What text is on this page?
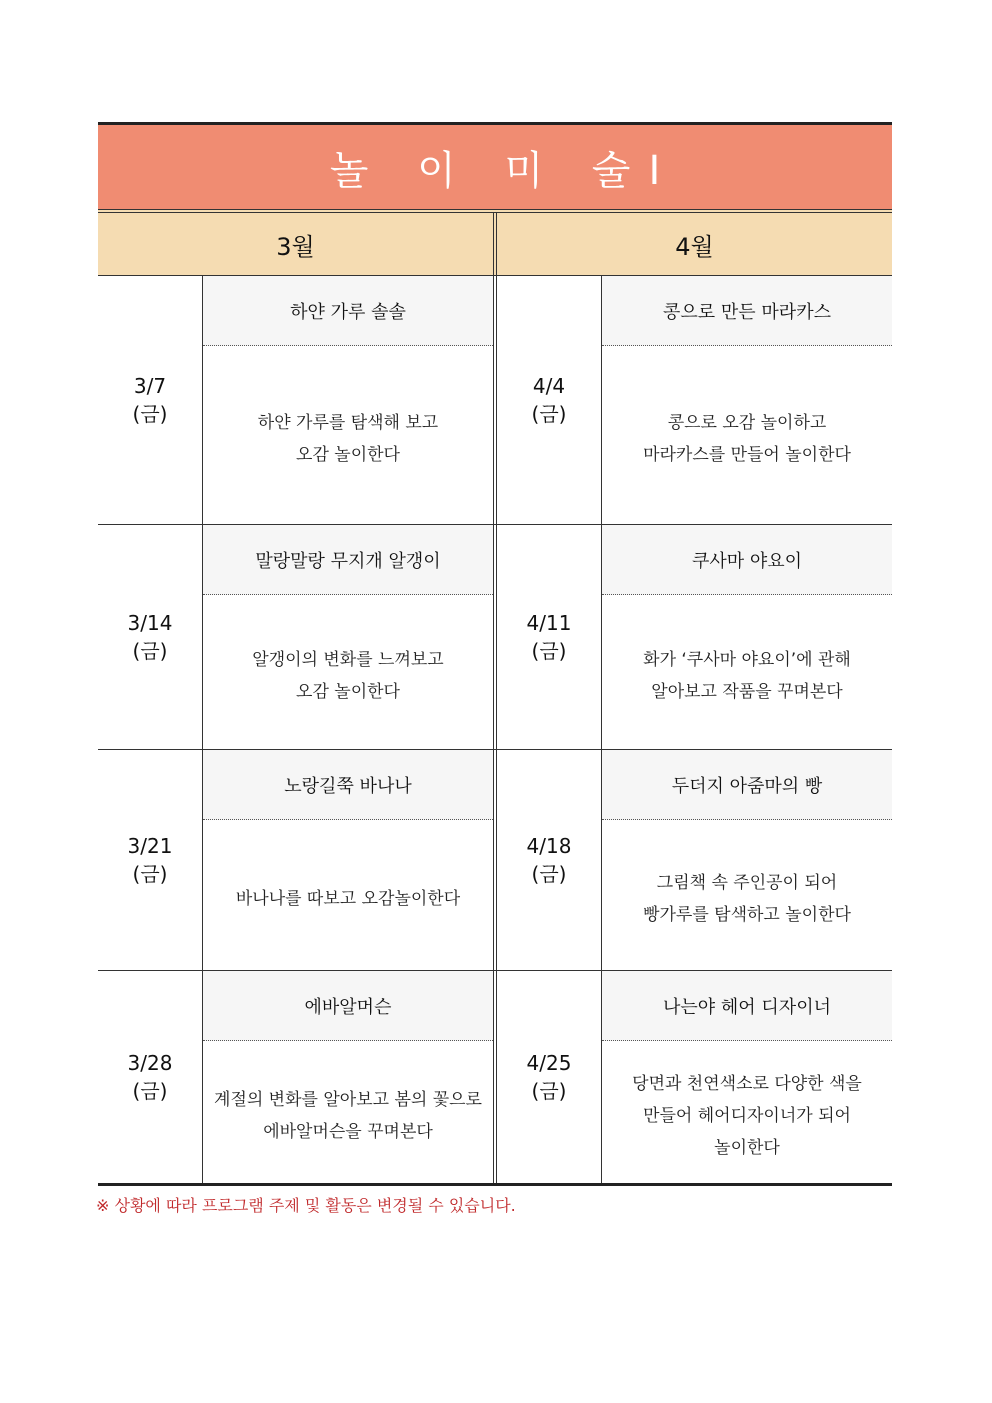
놀 이 미 술Ⅰ
3월	4월
3/7
(금)
하얀 가루 솔솔
하얀 가루를 탐색해 보고
오감 놀이한다
4/4
(금)
콩으로 만든 마라카스
콩으로 오감 놀이하고
마라카스를 만들어 놀이한다
3/14
(금)
말랑말랑 무지개 알갱이
알갱이의 변화를 느껴보고
오감 놀이한다
4/11
(금)
쿠사마 야요이
화가 ‘쿠사마 야요이’에 관해
알아보고 작품을 꾸며본다
3/21
(금)
노랑길쭉 바나나
바나나를 따보고 오감놀이한다
4/18
(금)
두더지 아줌마의 빵
그림책 속 주인공이 되어
빵가루를 탐색하고 놀이한다
3/28
(금)
에바알머슨
계절의 변화를 알아보고 봄의 꽃으로
에바알머슨을 꾸며본다
4/25
(금)
나는야 헤어 디자이너
당면과 천연색소로 다양한 색을
만들어 헤어디자이너가 되어
놀이한다
※ 상황에 따라 프로그램 주제 및 활동은 변경될 수 있습니다.
